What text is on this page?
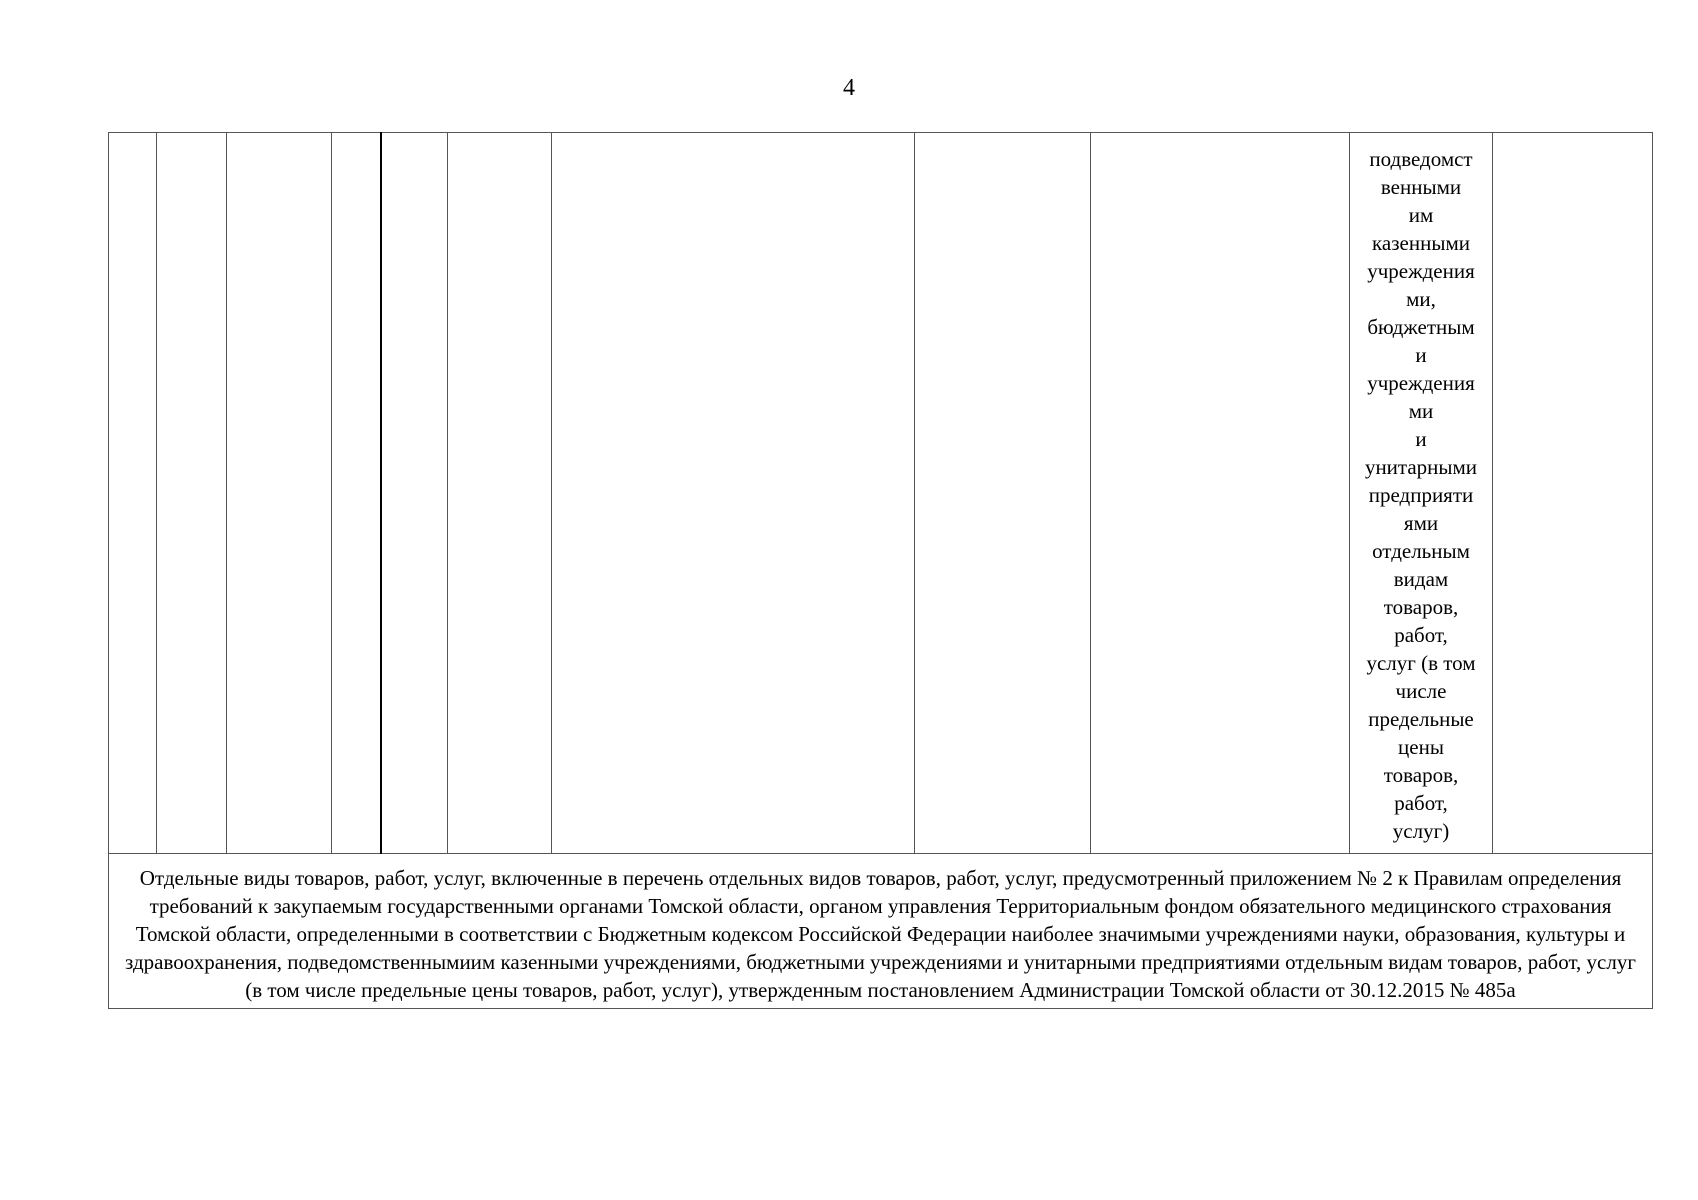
4

подведомст
венными
им
казенными
учреждения
ми,
бюджетным
и
учреждения
ми
и
унитарными
предприяти
ями
отдельным
видам
товаров,
работ,
услуг (в том
числе
предельные
цены
товаров,
работ,
услуг)

Отдельные виды товаров, работ, услуг, включенные в перечень отдельных видов товаров, работ, услуг, предусмотренный приложением № 2 к Правилам определения требований к закупаемым государственными органами Томской области, органом управления Территориальным фондом обязательного медицинского страхования Томской области, определенными в соответствии с Бюджетным кодексом Российской Федерации наиболее значимыми учреждениями науки, образования, культуры и здравоохранения, подведомственнымиим казенными учреждениями, бюджетными учреждениями и унитарными предприятиями отдельным видам товаров, работ, услуг (в том числе предельные цены товаров, работ, услуг), утвержденным постановлением Администрации Томской области от 30.12.2015 № 485а
